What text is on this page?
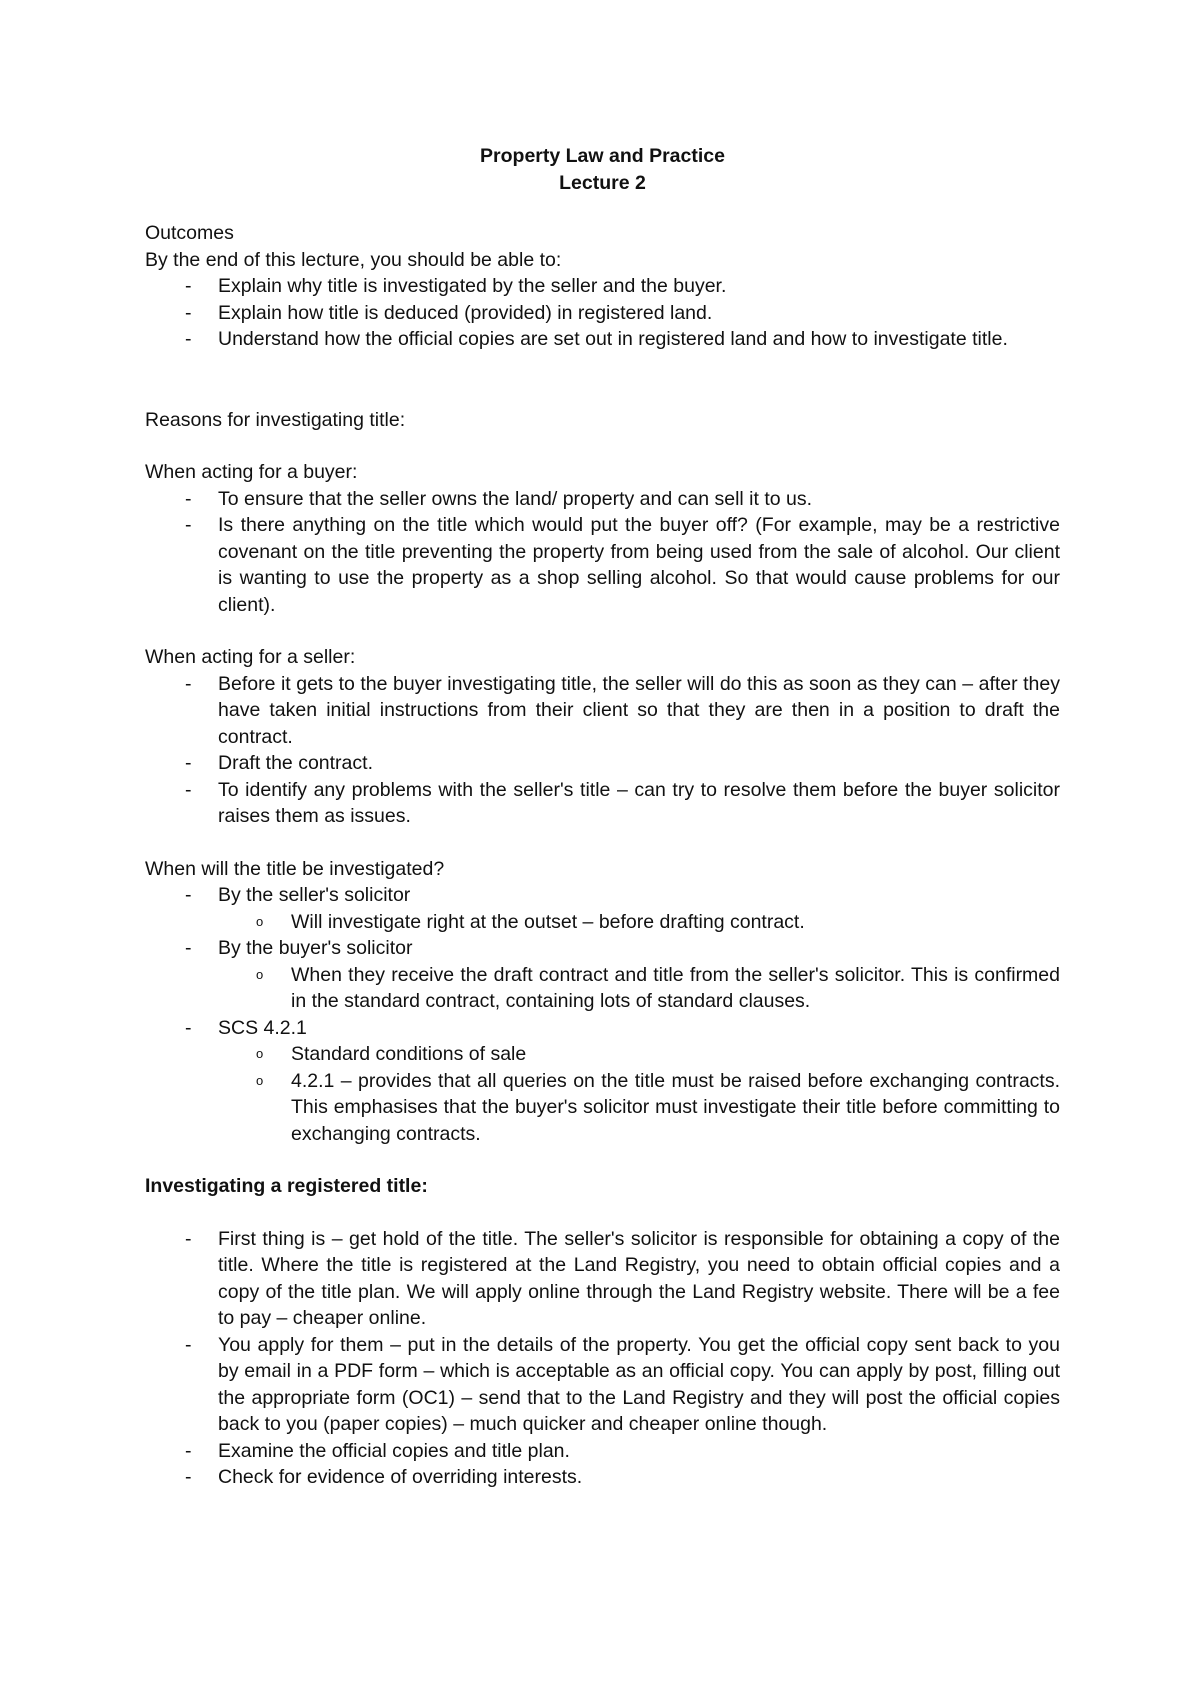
Property Law and Practice

Lecture 2

Outcomes

By the end of this lecture, you should be able to:

- Explain why title is investigated by the seller and the buyer.
- Explain how title is deduced (provided) in registered land.
- Understand how the official copies are set out in registered land and how to investigate title.

Reasons for investigating title:

When acting for a buyer:

- To ensure that the seller owns the land/ property and can sell it to us.
- Is there anything on the title which would put the buyer off? (For example, may be a restrictive covenant on the title preventing the property from being used from the sale of alcohol. Our client is wanting to use the property as a shop selling alcohol. So that would cause problems for our client).

When acting for a seller:

- Before it gets to the buyer investigating title, the seller will do this as soon as they can – after they have taken initial instructions from their client so that they are then in a position to draft the contract.
- Draft the contract.
- To identify any problems with the seller's title – can try to resolve them before the buyer solicitor raises them as issues.

When will the title be investigated?

- By the seller's solicitor
o Will investigate right at the outset – before drafting contract.
- By the buyer's solicitor
o When they receive the draft contract and title from the seller's solicitor. This is confirmed in the standard contract, containing lots of standard clauses.
- SCS 4.2.1
o Standard conditions of sale
o 4.2.1 – provides that all queries on the title must be raised before exchanging contracts. This emphasises that the buyer's solicitor must investigate their title before committing to exchanging contracts.

Investigating a registered title:

- First thing is – get hold of the title. The seller's solicitor is responsible for obtaining a copy of the title. Where the title is registered at the Land Registry, you need to obtain official copies and a copy of the title plan. We will apply online through the Land Registry website. There will be a fee to pay – cheaper online.
- You apply for them – put in the details of the property. You get the official copy sent back to you by email in a PDF form – which is acceptable as an official copy. You can apply by post, filling out the appropriate form (OC1) – send that to the Land Registry and they will post the official copies back to you (paper copies) – much quicker and cheaper online though.
- Examine the official copies and title plan.
- Check for evidence of overriding interests.
